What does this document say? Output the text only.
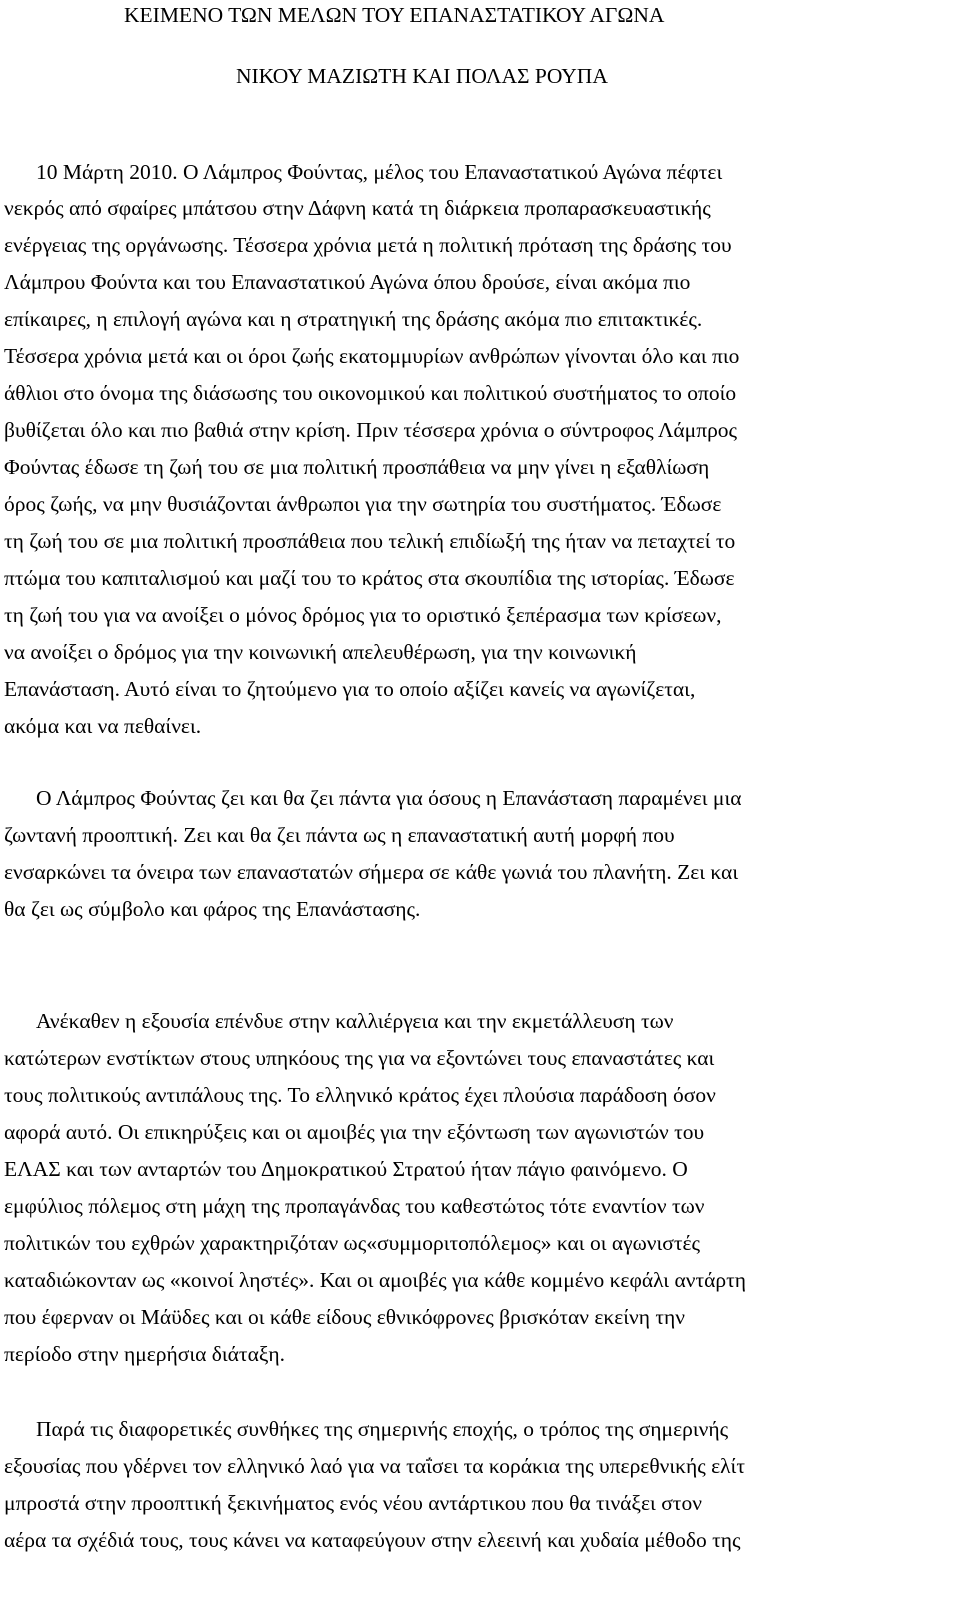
ΚΕΙΜΕΝΟ ΤΩΝ ΜΕΛΩΝ ΤΟΥ ΕΠΑΝΑΣΤΑΤΙΚΟΥ ΑΓΩΝΑ
ΝΙΚΟΥ ΜΑΖΙΩΤΗ ΚΑΙ ΠΟΛΑΣ ΡΟΥΠΑ
10 Μάρτη 2010. Ο Λάμπρος Φούντας, μέλος του Επαναστατικού Αγώνα πέφτει
νεκρός από σφαίρες μπάτσου στην Δάφνη κατά τη διάρκεια προπαρασκευαστικής
ενέργειας της οργάνωσης. Τέσσερα χρόνια μετά η πολιτική πρόταση της δράσης του
Λάμπρου Φούντα και του Επαναστατικού Αγώνα όπου δρούσε, είναι ακόμα πιο
επίκαιρες, η επιλογή αγώνα και η στρατηγική της δράσης ακόμα πιο επιτακτικές.
Τέσσερα χρόνια μετά και οι όροι ζωής εκατομμυρίων ανθρώπων γίνονται όλο και πιο
άθλιοι στο όνομα της διάσωσης του οικονομικού και πολιτικού συστήματος το οποίο
βυθίζεται όλο και πιο βαθιά στην κρίση. Πριν τέσσερα χρόνια ο σύντροφος Λάμπρος
Φούντας έδωσε τη ζωή του σε μια πολιτική προσπάθεια να μην γίνει η εξαθλίωση
όρος ζωής, να μην θυσιάζονται άνθρωποι για την σωτηρία του συστήματος. Έδωσε
τη ζωή του σε μια πολιτική προσπάθεια που τελική επιδίωξή της ήταν να πεταχτεί το
πτώμα του καπιταλισμού και μαζί του το κράτος στα σκουπίδια της ιστορίας. Έδωσε
τη ζωή του για να ανοίξει ο μόνος δρόμος για το οριστικό ξεπέρασμα των κρίσεων,
να ανοίξει ο δρόμος για την κοινωνική απελευθέρωση, για την κοινωνική
Επανάσταση. Αυτό είναι το ζητούμενο για το οποίο αξίζει κανείς να αγωνίζεται,
ακόμα και να πεθαίνει.
Ο Λάμπρος Φούντας ζει και θα ζει πάντα για όσους η Επανάσταση παραμένει μια
ζωντανή προοπτική. Ζει και θα ζει πάντα ως η επαναστατική αυτή μορφή που
ενσαρκώνει τα όνειρα των επαναστατών σήμερα σε κάθε γωνιά του πλανήτη. Ζει και
θα ζει ως σύμβολο και φάρος της Επανάστασης.
Ανέκαθεν η εξουσία επένδυε στην καλλιέργεια και την εκμετάλλευση των
κατώτερων ενστίκτων στους υπηκόους της για να εξοντώνει τους επαναστάτες και
τους πολιτικούς αντιπάλους της. Το ελληνικό κράτος έχει πλούσια παράδοση όσον
αφορά αυτό. Οι επικηρύξεις και οι αμοιβές για την εξόντωση των αγωνιστών του
ΕΛΑΣ και των ανταρτών του Δημοκρατικού Στρατού ήταν πάγιο φαινόμενο. Ο
εμφύλιος πόλεμος στη μάχη της προπαγάνδας του καθεστώτος τότε εναντίον των
πολιτικών του εχθρών χαρακτηριζόταν ως«συμμοριτοπόλεμος» και οι αγωνιστές
καταδιώκονταν ως «κοινοί ληστές». Και οι αμοιβές για κάθε κομμένο κεφάλι αντάρτη
που έφερναν οι Μάϋδες και οι κάθε είδους εθνικόφρονες βρισκόταν εκείνη την
περίοδο στην ημερήσια διάταξη.
Παρά τις διαφορετικές συνθήκες της σημερινής εποχής, ο τρόπος της σημερινής
εξουσίας που γδέρνει τον ελληνικό λαό για να ταΐσει τα κοράκια της υπερεθνικής ελίτ
μπροστά στην προοπτική ξεκινήματος ενός νέου αντάρτικου που θα τινάξει στον
αέρα τα σχέδιά τους, τους κάνει να καταφεύγουν στην ελεεινή και χυδαία μέθοδο της
